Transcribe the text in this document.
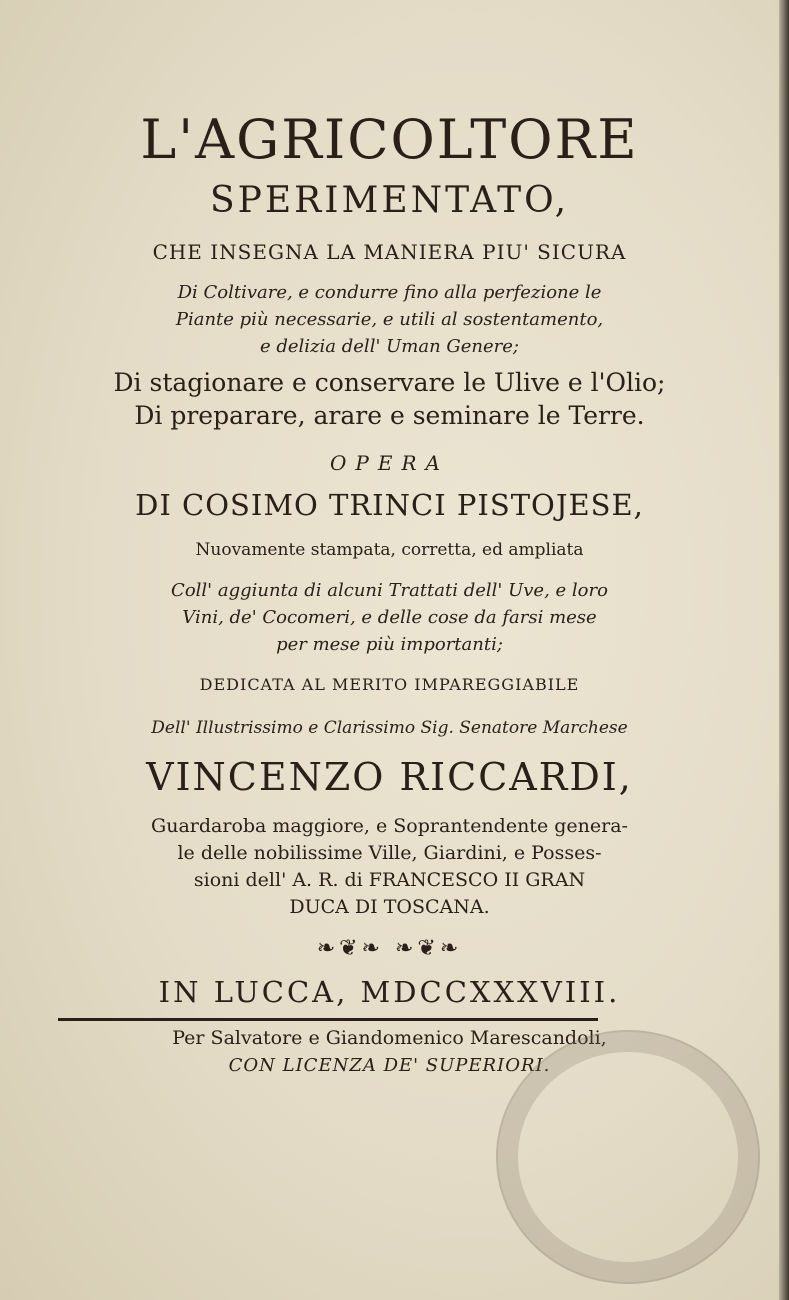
L'AGRICOLTORE

SPERIMENTATO,

CHE INSEGNA LA MANIERA PIU' SICURA

Di Coltivare, e condurre fino alla perfezione le

Piante più necessarie, e utili al sostentamento,

e delizia dell' Uman Genere;

Di stagionare e conservare le Ulive e l'Olio;

Di preparare, arare e seminare le Terre.

OPERA

DI COSIMO TRINCI PISTOJESE,

Nuovamente stampata, corretta, ed ampliata

Coll' aggiunta di alcuni Trattati dell' Uve, e loro

Vini, de' Cocomeri, e delle cose da farsi mese

per mese più importanti;

DEDICATA AL MERITO IMPAREGGIABILE

Dell' Illustrissimo e Clarissimo Sig. Senatore Marchese

VINCENZO RICCARDI,

Guardaroba maggiore, e Soprantendente genera-

le delle nobilissime Ville, Giardini, e Posses-

sioni dell' A. R. di FRANCESCO II GRAN

DUCA DI TOSCANA.

❧❦❧ ❧❦❧

IN LUCCA, MDCCXXXVIII.

Per Salvatore e Giandomenico Marescandoli,

CON LICENZA DE' SUPERIORI.
